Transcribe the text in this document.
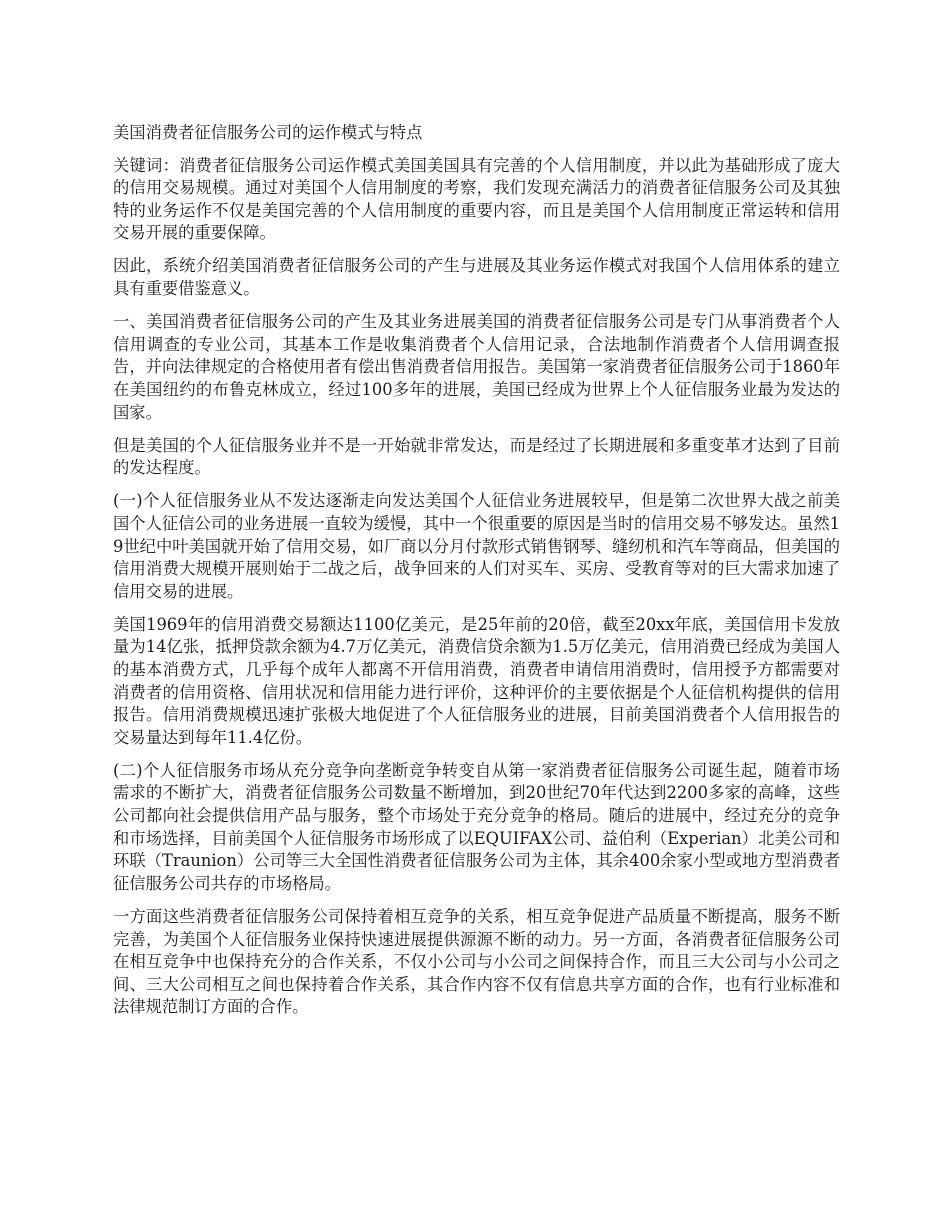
美国消费者征信服务公司的运作模式与特点

关键词：消费者征信服务公司运作模式美国美国具有完善的个人信用制度，并以此为基础形成了庞大的信用交易规模。通过对美国个人信用制度的考察，我们发现充满活力的消费者征信服务公司及其独特的业务运作不仅是美国完善的个人信用制度的重要内容，而且是美国个人信用制度正常运转和信用交易开展的重要保障。

因此，系统介绍美国消费者征信服务公司的产生与进展及其业务运作模式对我国个人信用体系的建立具有重要借鉴意义。

一、美国消费者征信服务公司的产生及其业务进展美国的消费者征信服务公司是专门从事消费者个人信用调查的专业公司，其基本工作是收集消费者个人信用记录，合法地制作消费者个人信用调查报告，并向法律规定的合格使用者有偿出售消费者信用报告。美国第一家消费者征信服务公司于1860年在美国纽约的布鲁克林成立，经过100多年的进展，美国已经成为世界上个人征信服务业最为发达的国家。

但是美国的个人征信服务业并不是一开始就非常发达，而是经过了长期进展和多重变革才达到了目前的发达程度。

(一)个人征信服务业从不发达逐渐走向发达美国个人征信业务进展较早，但是第二次世界大战之前美国个人征信公司的业务进展一直较为缓慢，其中一个很重要的原因是当时的信用交易不够发达。虽然19世纪中叶美国就开始了信用交易，如厂商以分月付款形式销售钢琴、缝纫机和汽车等商品，但美国的信用消费大规模开展则始于二战之后，战争回来的人们对买车、买房、受教育等对的巨大需求加速了信用交易的进展。

美国1969年的信用消费交易额达1100亿美元，是25年前的20倍，截至20xx年底，美国信用卡发放量为14亿张，抵押贷款余额为4.7万亿美元，消费信贷余额为1.5万亿美元，信用消费已经成为美国人的基本消费方式，几乎每个成年人都离不开信用消费，消费者申请信用消费时，信用授予方都需要对消费者的信用资格、信用状况和信用能力进行评价，这种评价的主要依据是个人征信机构提供的信用报告。信用消费规模迅速扩张极大地促进了个人征信服务业的进展，目前美国消费者个人信用报告的交易量达到每年11.4亿份。

(二)个人征信服务市场从充分竞争向垄断竞争转变自从第一家消费者征信服务公司诞生起，随着市场需求的不断扩大，消费者征信服务公司数量不断增加，到20世纪70年代达到2200多家的高峰，这些公司都向社会提供信用产品与服务，整个市场处于充分竞争的格局。随后的进展中，经过充分的竞争和市场选择，目前美国个人征信服务市场形成了以EQUIFAX公司、益伯利（Experian）北美公司和环联（Traunion）公司等三大全国性消费者征信服务公司为主体，其余400余家小型或地方型消费者征信服务公司共存的市场格局。

一方面这些消费者征信服务公司保持着相互竞争的关系，相互竞争促进产品质量不断提高，服务不断完善，为美国个人征信服务业保持快速进展提供源源不断的动力。另一方面，各消费者征信服务公司在相互竞争中也保持充分的合作关系，不仅小公司与小公司之间保持合作，而且三大公司与小公司之间、三大公司相互之间也保持着合作关系，其合作内容不仅有信息共享方面的合作，也有行业标准和法律规范制订方面的合作。
